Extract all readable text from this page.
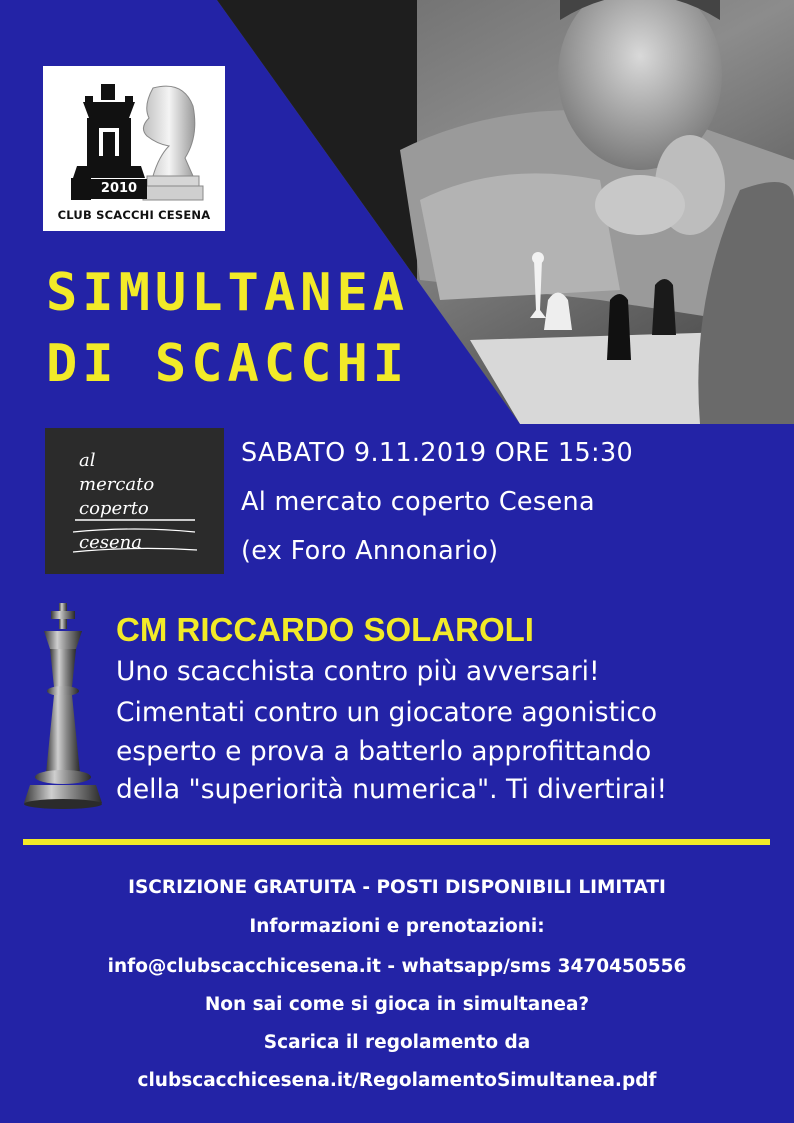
2010
CLUB SCACCHI CESENA
SIMULTANEA
DI SCACCHI
al
mercato
coperto
cesena
SABATO 9.11.2019 ORE 15:30
Al mercato coperto Cesena
(ex Foro Annonario)
CM RICCARDO SOLAROLI
Uno scacchista contro più avversari!
Cimentati contro un giocatore agonistico
esperto e prova a batterlo approfittando
della "superiorità numerica". Ti divertirai!
ISCRIZIONE GRATUITA - POSTI DISPONIBILI LIMITATI
Informazioni e prenotazioni:
info@clubscacchicesena.it - whatsapp/sms 3470450556
Non sai come si gioca in simultanea?
Scarica il regolamento da
clubscacchicesena.it/RegolamentoSimultanea.pdf
